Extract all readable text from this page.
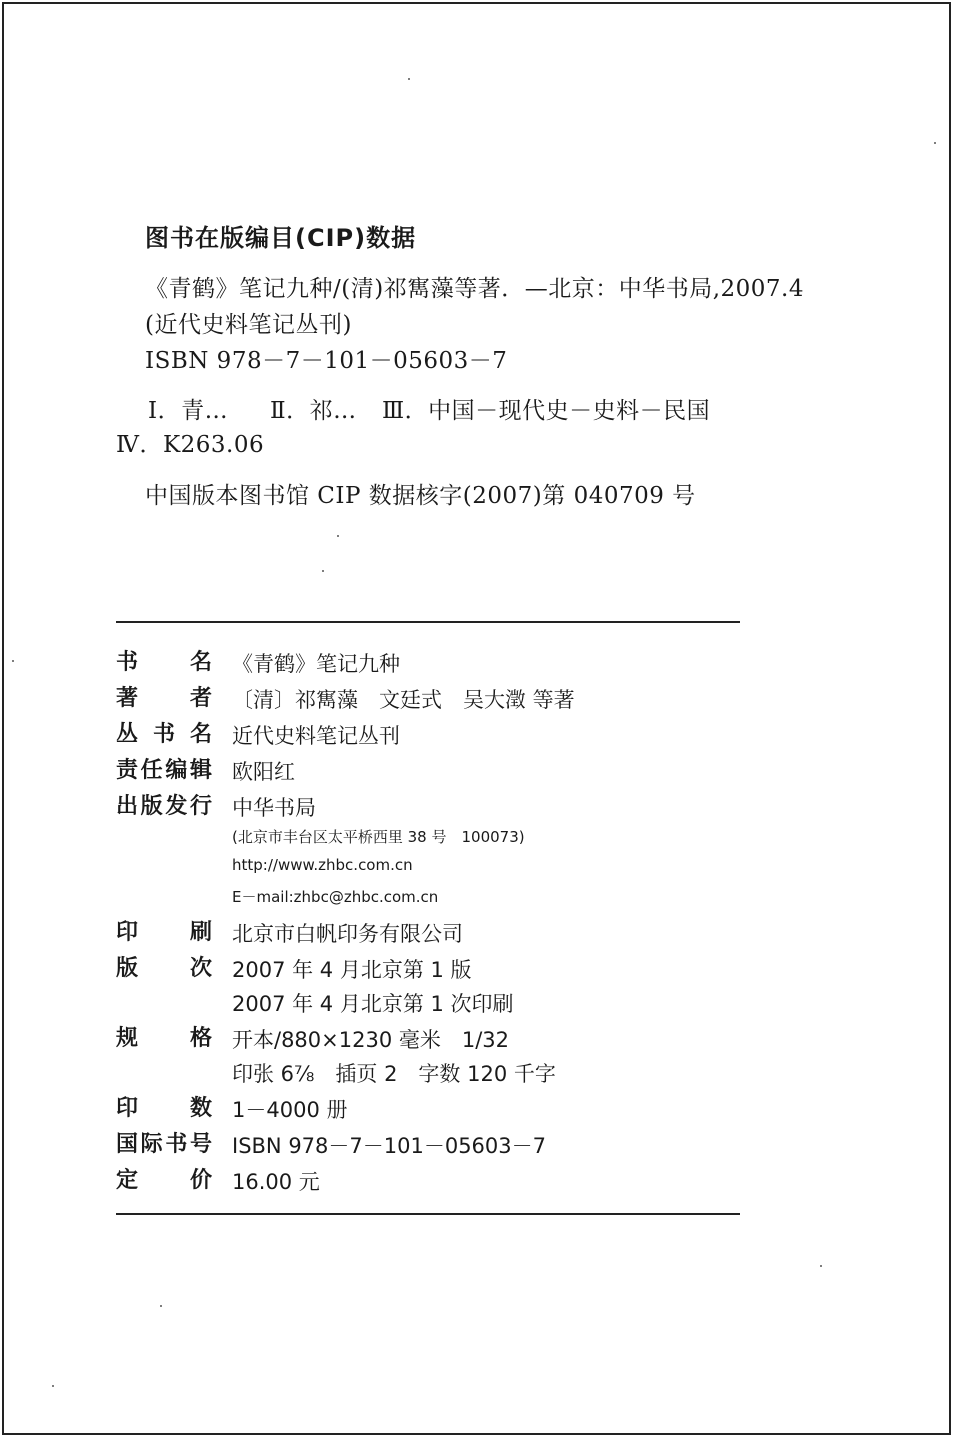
图书在版编目(CIP)数据
《青鹤》笔记九种/(清)祁寯藻等著．—北京：中华书局,2007.4
(近代史料笔记丛刊)
ISBN 978－7－101－05603－7
Ⅰ．青… Ⅱ．祁… Ⅲ．中国－现代史－史料－民国
Ⅳ．K263.06
中国版本图书馆 CIP 数据核字(2007)第 040709 号
书 名 《青鹤》笔记九种
著 者 〔清〕祁寯藻　文廷式　吴大澂 等著
丛 书 名 近代史料笔记丛刊
责 任 编 辑 欧阳红
出 版 发 行 中华书局
(北京市丰台区太平桥西里 38 号　100073)
http://www.zhbc.com.cn
E－mail:zhbc@zhbc.com.cn
印 刷 北京市白帆印务有限公司
版 次 2007 年 4 月北京第 1 版
2007 年 4 月北京第 1 次印刷
规 格 开本/880×1230 毫米　1/32
印张 6⅞　插页 2　字数 120 千字
印 数 1－4000 册
国 际 书 号 ISBN 978－7－101－05603－7
定 价 16.00 元
